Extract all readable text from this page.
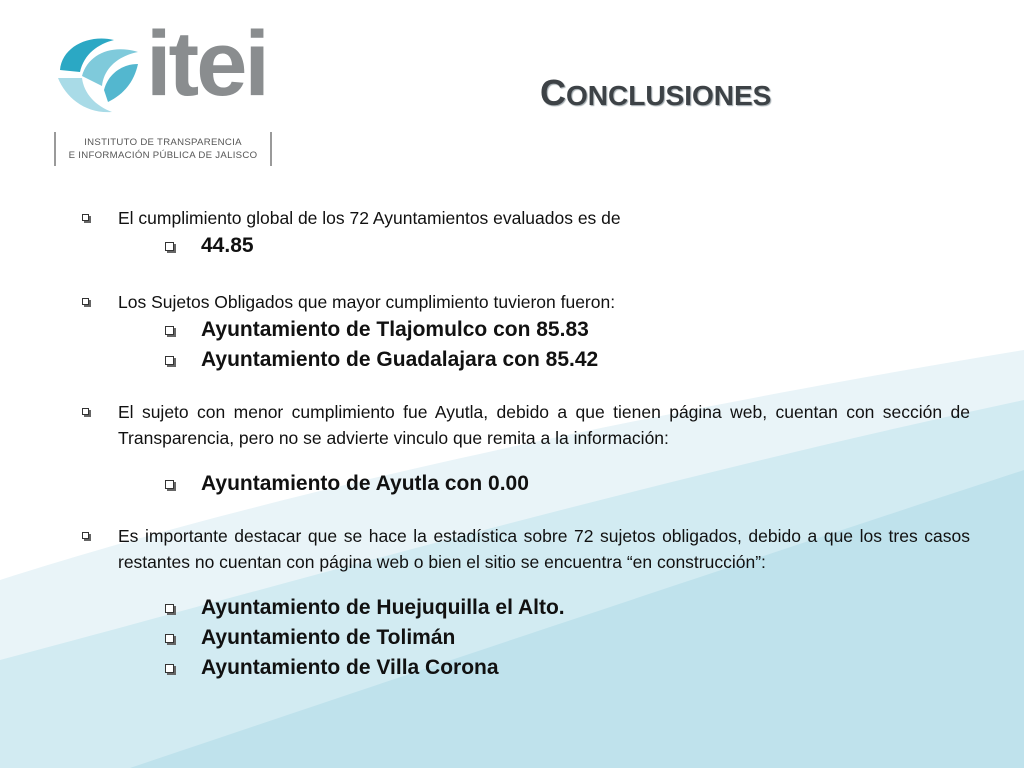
itei
INSTITUTO DE TRANSPARENCIA
E INFORMACIÓN PÚBLICA DE JALISCO
CONCLUSIONES
El cumplimiento global de los 72 Ayuntamientos evaluados es de
44.85
Los Sujetos Obligados que mayor cumplimiento tuvieron fueron:
Ayuntamiento de Tlajomulco con 85.83
Ayuntamiento de Guadalajara con 85.42
El sujeto con menor cumplimiento fue Ayutla, debido a que tienen página web, cuentan con sección de Transparencia, pero no se advierte vinculo que remita a la información:
Ayuntamiento de Ayutla con 0.00
Es importante destacar que se hace la estadística sobre 72 sujetos obligados, debido a que los tres casos restantes no cuentan con página web o bien el sitio se encuentra “en construcción”:
Ayuntamiento de Huejuquilla el Alto.
Ayuntamiento de Tolimán
Ayuntamiento de Villa Corona
